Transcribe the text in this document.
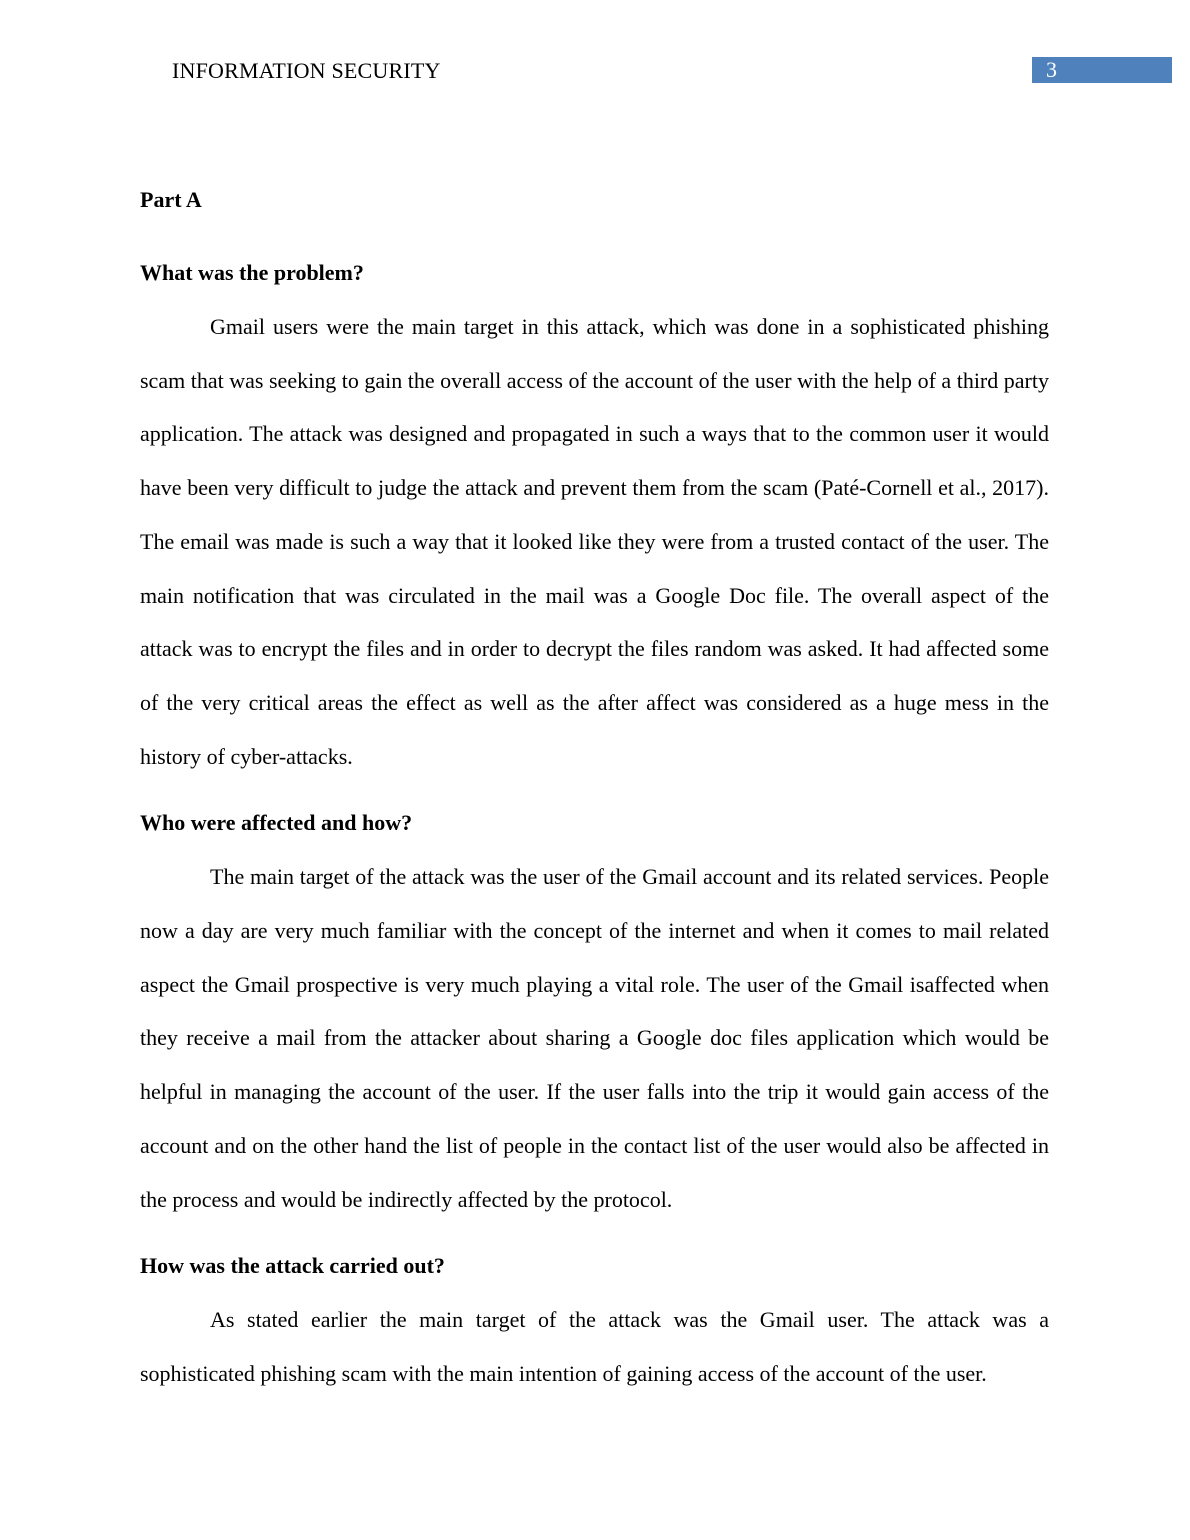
INFORMATION SECURITY	3
Part A
What was the problem?

Gmail users were the main target in this attack, which was done in a sophisticated phishing scam that was seeking to gain the overall access of the account of the user with the help of a third party application. The attack was designed and propagated in such a ways that to the common user it would have been very difficult to judge the attack and prevent them from the scam (Paté-Cornell et al., 2017). The email was made is such a way that it looked like they were from a trusted contact of the user. The main notification that was circulated in the mail was a Google Doc file. The overall aspect of the attack was to encrypt the files and in order to decrypt the files random was asked. It had affected some of the very critical areas the effect as well as the after affect was considered as a huge mess in the history of cyber-attacks.

Who were affected and how?

The main target of the attack was the user of the Gmail account and its related services. People now a day are very much familiar with the concept of the internet and when it comes to mail related aspect the Gmail prospective is very much playing a vital role. The user of the Gmail isaffected when they receive a mail from the attacker about sharing a Google doc files application which would be helpful in managing the account of the user. If the user falls into the trip it would gain access of the account and on the other hand the list of people in the contact list of the user would also be affected in the process and would be indirectly affected by the protocol.

How was the attack carried out?

As stated earlier the main target of the attack was the Gmail user. The attack was a sophisticated phishing scam with the main intention of gaining access of the account of the user.
